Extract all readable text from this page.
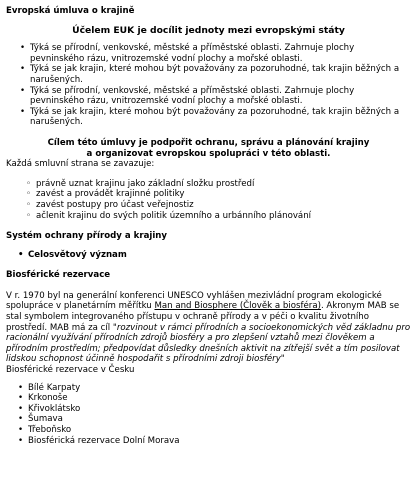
Evropská úmluva o krajině

Účelem EUK je docílit jednoty mezi evropskými státy

• Týká se přírodní, venkovské, městské a příměstské oblasti. Zahrnuje plochy pevninského rázu, vnitrozemské vodní plochy a mořské oblasti.
• Týká se jak krajin, které mohou být považovány za pozoruhodné, tak krajin běžných a narušených.
• Týká se přírodní, venkovské, městské a příměstské oblasti. Zahrnuje plochy pevninského rázu, vnitrozemské vodní plochy a mořské oblasti.
• Týká se jak krajin, které mohou být považovány za pozoruhodné, tak krajin běžných a narušených.

Cílem této úmluvy je podpořit ochranu, správu a plánování krajiny a organizovat evropskou spolupráci v této oblasti.

Každá smluvní strana se zavazuje:

◦ právně uznat krajinu jako základní složku prostředí
◦ zavést a provádět krajinné politiky
◦ zavést postupy pro účast veřejnostiz
◦ ačlenit krajinu do svých politik územního a urbánního plánování

Systém ochrany přírody a krajiny

• Celosvětový význam

Biosférické rezervace

V r. 1970 byl na generální konferenci UNESCO vyhlášen mezivládní program ekologické spolupráce v planetárním měřítku Man and Biosphere (Člověk a biosféra). Akronym MAB se stal symbolem integrovaného přístupu v ochraně přírody a v péči o kvalitu životního prostředí. MAB má za cíl "rozvinout v rámci přírodních a socioekonomických věd základnu pro racionální využívání přírodních zdrojů biosféry a pro zlepšení vztahů mezi člověkem a přírodním prostředím; předpovídat důsledky dnešních aktivit na zítřejší svět a tím posilovat lidskou schopnost účinně hospodařit s přírodními zdroji biosféry"

Biosférické rezervace v Česku

• Bílé Karpaty
• Krkonoše
• Křivoklátsko
• Šumava
• Třeboňsko
• Biosférická rezervace Dolní Morava
